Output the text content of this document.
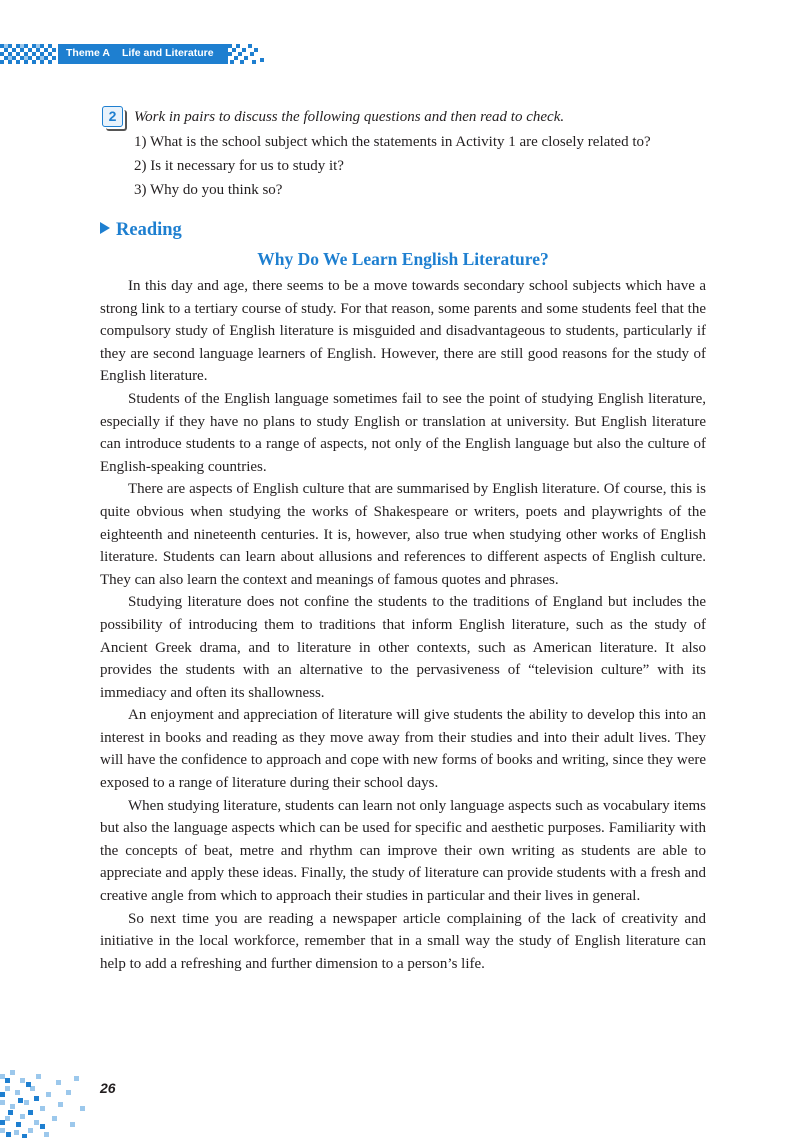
Theme A Life and Literature
2	Work in pairs to discuss the following questions and then read to check.
1) What is the school subject which the statements in Activity 1 are closely related to?
2) Is it necessary for us to study it?
3) Why do you think so?
Reading
Why Do We Learn English Literature?

In this day and age, there seems to be a move towards secondary school subjects which have a strong link to a tertiary course of study. For that reason, some parents and some students feel that the compulsory study of English literature is misguided and disadvantageous to students, particularly if they are second language learners of English. However, there are still good reasons for the study of English literature.

Students of the English language sometimes fail to see the point of studying English literature, especially if they have no plans to study English or translation at university. But English literature can introduce students to a range of aspects, not only of the English language but also the culture of English-speaking countries.

There are aspects of English culture that are summarised by English literature. Of course, this is quite obvious when studying the works of Shakespeare or writers, poets and playwrights of the eighteenth and nineteenth centuries. It is, however, also true when studying other works of English literature. Students can learn about allusions and references to different aspects of English culture. They can also learn the context and meanings of famous quotes and phrases.

Studying literature does not confine the students to the traditions of England but includes the possibility of introducing them to traditions that inform English literature, such as the study of Ancient Greek drama, and to literature in other contexts, such as American literature. It also provides the students with an alternative to the pervasiveness of “television culture” with its immediacy and often its shallowness.

An enjoyment and appreciation of literature will give students the ability to develop this into an interest in books and reading as they move away from their studies and into their adult lives. They will have the confidence to approach and cope with new forms of books and writing, since they were exposed to a range of literature during their school days.

When studying literature, students can learn not only language aspects such as vocabulary items but also the language aspects which can be used for specific and aesthetic purposes. Familiarity with the concepts of beat, metre and rhythm can improve their own writing as students are able to appreciate and apply these ideas. Finally, the study of literature can provide students with a fresh and creative angle from which to approach their studies in particular and their lives in general.

So next time you are reading a newspaper article complaining of the lack of creativity and initiative in the local workforce, remember that in a small way the study of English literature can help to add a refreshing and further dimension to a person’s life.

26
